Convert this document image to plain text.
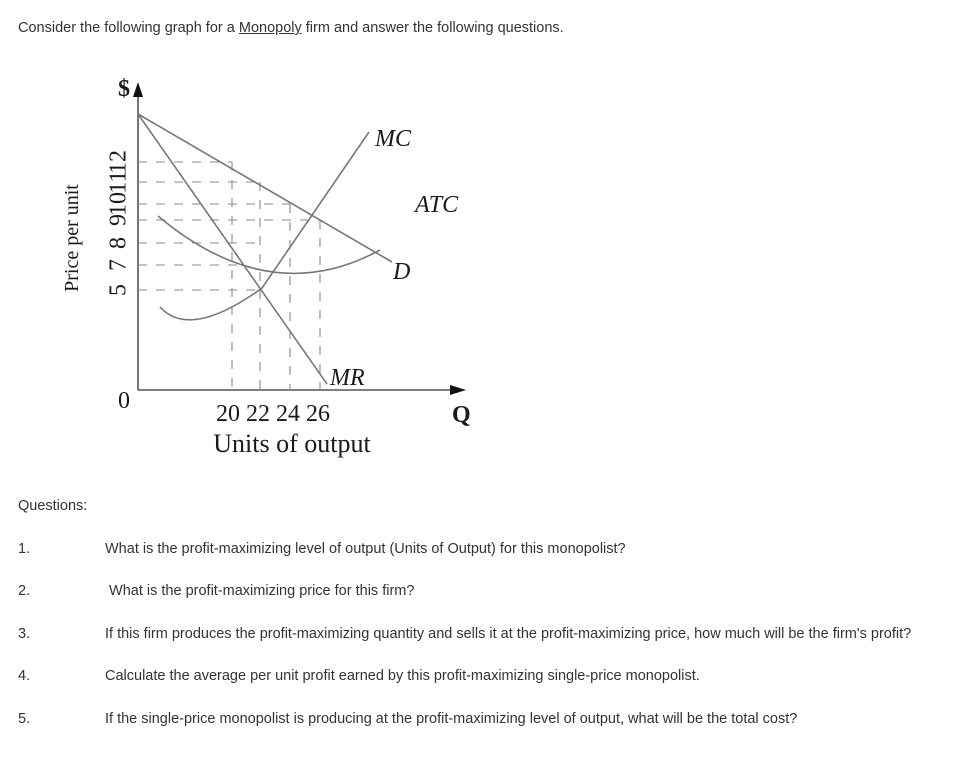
Consider the following graph for a Monopoly firm and answer the following questions.
MC
ATC
D
MR
$
Price per unit
0
Q
Units of output
12
11
10
9
8
7
5
20 22 24 26
Questions:
1.	What is the profit-maximizing level of output (Units of Output) for this monopolist?
2.	What is the profit-maximizing price for this firm?
3.	If this firm produces the profit-maximizing quantity and sells it at the profit-maximizing price, how much will be the firm's profit?
4.	Calculate the average per unit profit earned by this profit-maximizing single-price monopolist.
5.	If the single-price monopolist is producing at the profit-maximizing level of output, what will be the total cost?
